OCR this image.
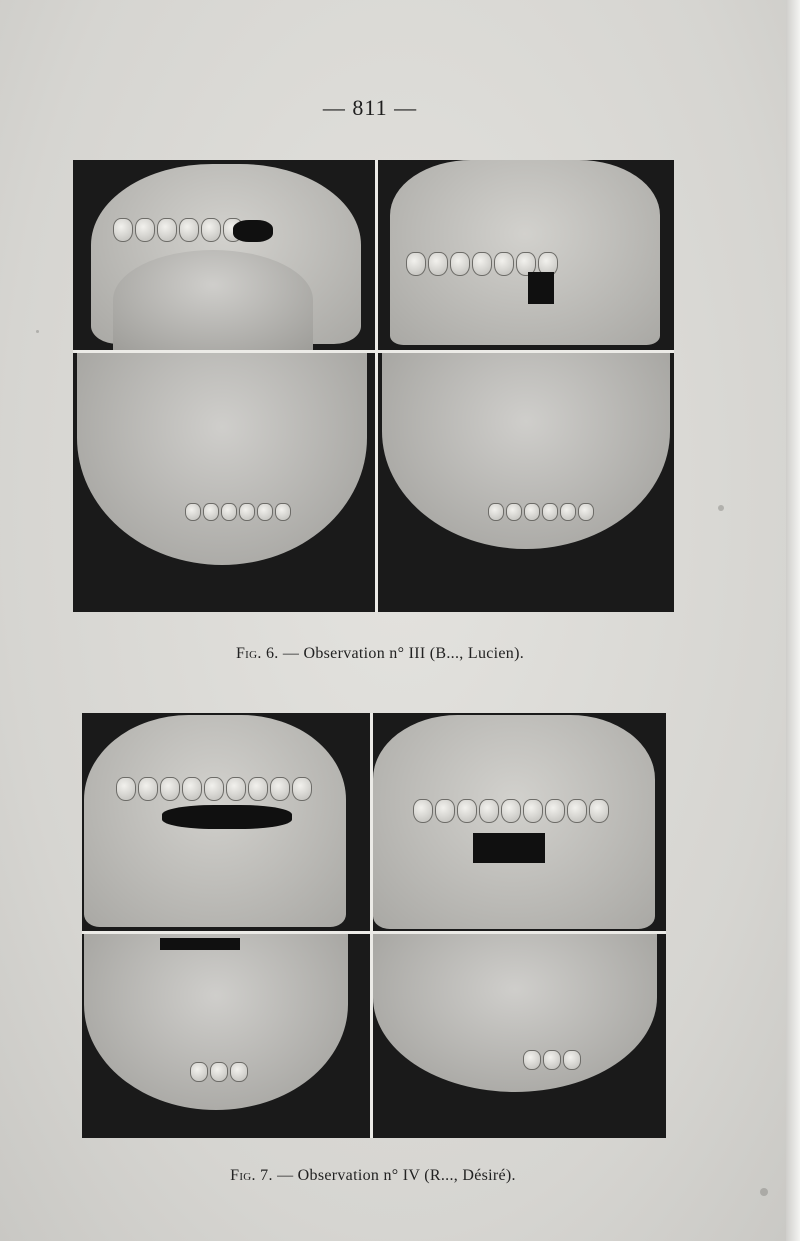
— 811 —
Fig. 6. — Observation n° III (B..., Lucien).
Fig. 7. — Observation n° IV (R..., Désiré).
